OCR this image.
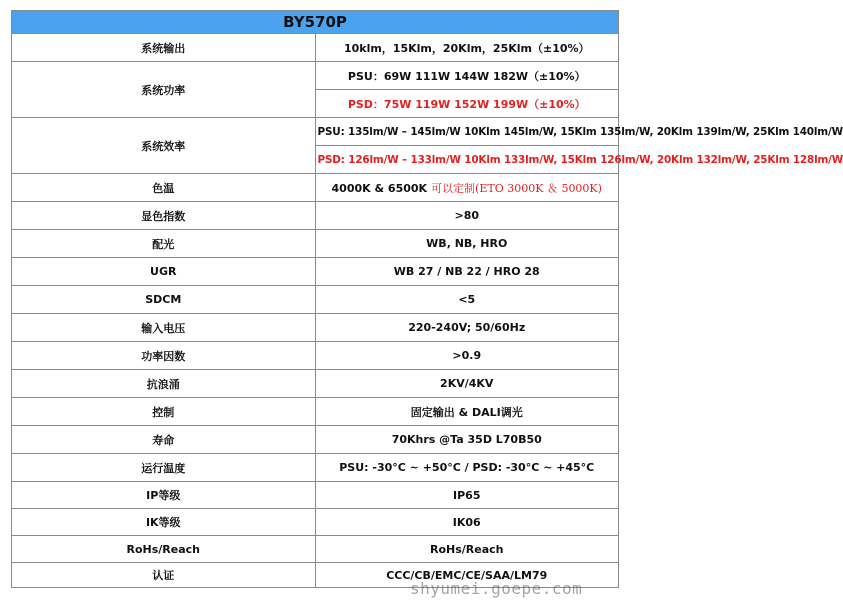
BY570P	
系统输出	10klm，15Klm，20Klm，25Klm（±10%）
系统功率	PSU：69W 111W 144W 182W（±10%）
	PSD：75W 119W 152W 199W（±10%）
系统效率	PSU: 135lm/W – 145lm/W 10Klm 145lm/W, 15Klm 135lm/W, 20Klm 139lm/W, 25Klm 140lm/W
	PSD: 126lm/W – 133lm/W 10Klm 133lm/W, 15Klm 126lm/W, 20Klm 132lm/W, 25Klm 128lm/W
色温	4000K & 6500K 可以定制(ETO 3000K ＆ 5000K)
显色指数	>80
配光	WB, NB, HRO
UGR	WB 27 / NB 22 / HRO 28
SDCM	<5
输入电压	220-240V; 50/60Hz
功率因数	>0.9
抗浪涌	2KV/4KV
控制	固定输出 & DALI调光
寿命	70Khrs @Ta 35D L70B50
运行温度	PSU: -30°C ~ +50°C / PSD: -30°C ~ +45°C
IP等级	IP65
IK等级	IK06
RoHs/Reach	RoHs/Reach
认证	CCC/CB/EMC/CE/SAA/LM79
shyumei.goepe.com
